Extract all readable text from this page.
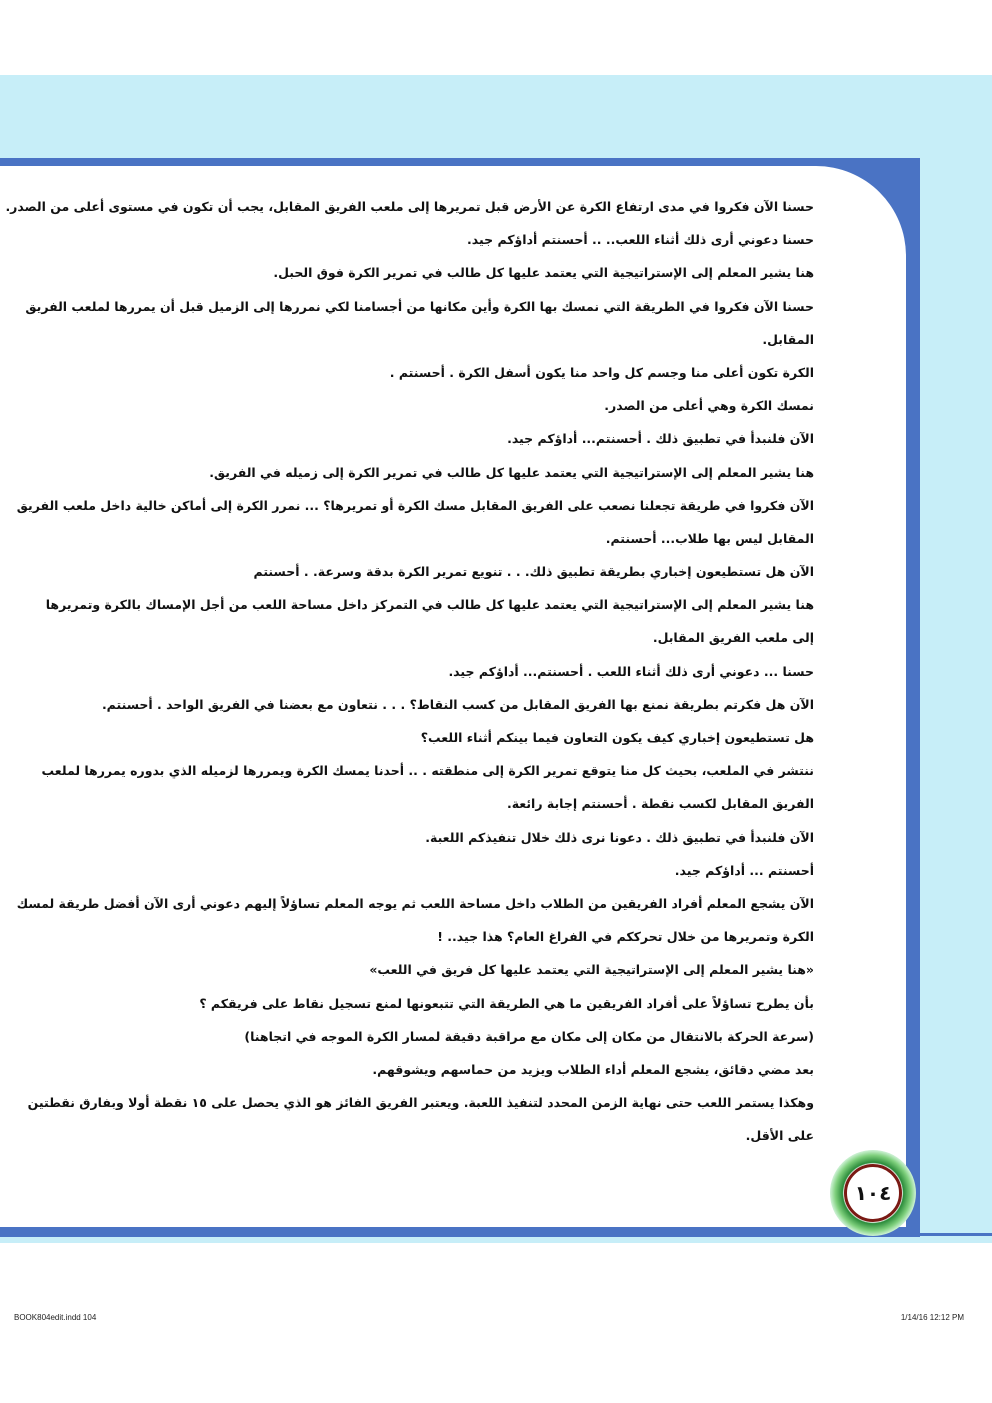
حسنا الآن فكروا في مدى ارتفاع الكرة عن الأرض قبل تمريرها إلى ملعب الفريق المقابل، يجب أن تكون في مستوى أعلى من الصدر.
حسنا دعوني أرى ذلك أثناء اللعب.. .. أحسنتم أداؤكم جيد.
هنا يشير المعلم إلى الإستراتيجية التي يعتمد عليها كل طالب في تمرير الكرة فوق الحبل.
حسنا الآن فكروا في الطريقة التي نمسك بها الكرة وأين مكانها من أجسامنا لكي نمررها إلى الزميل قبل أن يمررها لملعب الفريق
المقابل.
الكرة تكون أعلى منا وجسم كل واحد منا يكون أسفل الكرة . أحسنتم .
نمسك الكرة وهي أعلى من الصدر.
الآن فلنبدأ في تطبيق ذلك . أحسنتم... أداؤكم جيد.
هنا يشير المعلم إلى الإستراتيجية التي يعتمد عليها كل طالب في تمرير الكرة إلى زميله في الفريق.
الآن فكروا في طريقة تجعلنا نصعب على الفريق المقابل مسك الكرة أو تمريرها؟ ... نمرر الكرة إلى أماكن خالية داخل ملعب الفريق
المقابل ليس بها طلاب... أحسنتم.
الآن هل تستطيعون إخباري بطريقة تطبيق ذلك. . . تنويع تمرير الكرة بدقة وسرعة. . أحسنتم
هنا يشير المعلم إلى الإستراتيجية التي يعتمد عليها كل طالب في التمركز داخل مساحة اللعب من أجل الإمساك بالكرة وتمريرها
إلى ملعب الفريق المقابل.
حسنا ... دعوني أرى ذلك أثناء اللعب . أحسنتم... أداؤكم جيد.
الآن هل فكرتم بطريقة نمنع بها الفريق المقابل من كسب النقاط؟ . . . نتعاون مع بعضنا في الفريق الواحد . أحسنتم.
هل تستطيعون إخباري كيف يكون التعاون فيما بينكم أثناء اللعب؟
ننتشر في الملعب، بحيث كل منا يتوقع تمرير الكرة إلى منطقته . .. أحدنا يمسك الكرة ويمررها لزميله الذي بدوره يمررها لملعب
الفريق المقابل لكسب نقطة . أحسنتم إجابة رائعة.
الآن فلنبدأ في تطبيق ذلك . دعونا نرى ذلك خلال تنفيذكم اللعبة.
أحسنتم ... أداؤكم جيد.
الآن يشجع المعلم أفراد الفريقين من الطلاب داخل مساحة اللعب ثم يوجه المعلم تساؤلاً إليهم دعوني أرى الآن أفضل طريقة لمسك
الكرة وتمريرها من خلال تحرككم في الفراغ العام؟ هذا جيد.. !
«هنا يشير المعلم إلى الإستراتيجية التي يعتمد عليها كل فريق في اللعب»
بأن يطرح تساؤلاً على أفراد الفريقين ما هي الطريقة التي تتبعونها لمنع تسجيل نقاط على فريقكم ؟
(سرعة الحركة بالانتقال من مكان إلى مكان مع مراقبة دقيقة لمسار الكرة الموجه في اتجاهنا)
بعد مضي دقائق، يشجع المعلم أداء الطلاب ويزيد من حماسهم ويشوقهم.
وهكذا يستمر اللعب حتى نهاية الزمن المحدد لتنفيذ اللعبة. ويعتبر الفريق الفائز هو الذي يحصل على ١٥ نقطة أولا وبفارق نقطتين
على الأقل.
١٠٤
BOOK804edit.indd 104	1/14/16 12:12 PM
